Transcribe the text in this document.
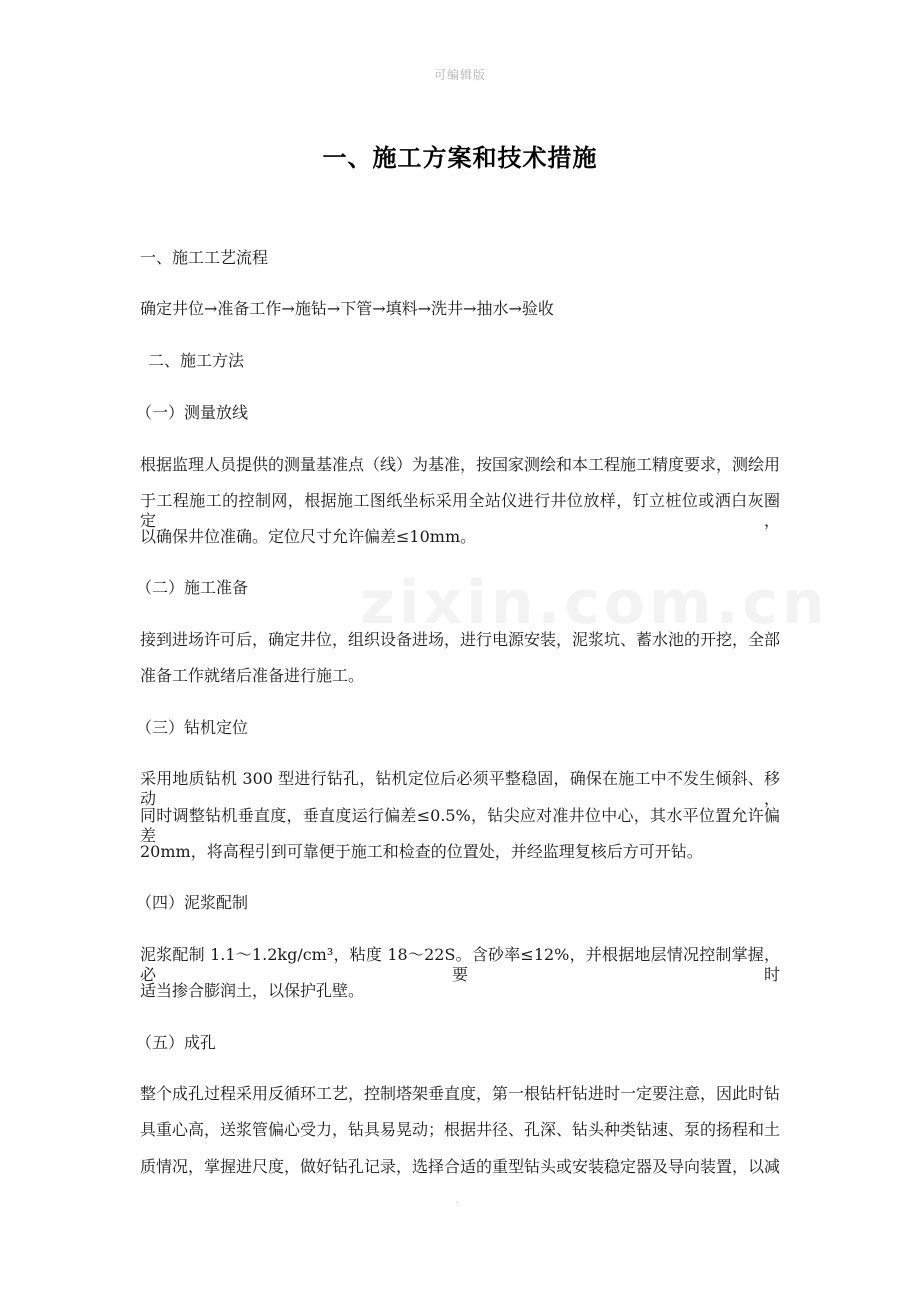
可编辑版
一、施工方案和技术措施
zixin.com.cn
一、施工工艺流程
确定井位→准备工作→施钻→下管→填料→洗井→抽水→验收
二、施工方法
（一）测量放线
根据监理人员提供的测量基准点（线）为基准，按国家测绘和本工程施工精度要求，测绘用
于工程施工的控制网，根据施工图纸坐标采用全站仪进行井位放样，钉立桩位或洒白灰圈定，
以确保井位准确。定位尺寸允许偏差≤10mm。
（二）施工准备
接到进场许可后，确定井位，组织设备进场，进行电源安装，泥浆坑、蓄水池的开挖，全部
准备工作就绪后准备进行施工。
（三）钻机定位
采用地质钻机 300 型进行钻孔，钻机定位后必须平整稳固，确保在施工中不发生倾斜、移动，
同时调整钻机垂直度，垂直度运行偏差≤0.5%，钻尖应对准井位中心，其水平位置允许偏差
20mm，将高程引到可靠便于施工和检查的位置处，并经监理复核后方可开钻。
（四）泥浆配制
泥浆配制 1.1～1.2kg/cm³，粘度 18～22S。含砂率≤12%，并根据地层情况控制掌握，必要时
适当掺合膨润土，以保护孔壁。
（五）成孔
整个成孔过程采用反循环工艺，控制塔架垂直度，第一根钻杆钻进时一定要注意，因此时钻
具重心高，送浆管偏心受力，钻具易晃动；根据井径、孔深、钻头种类钻速、泵的扬程和土
质情况，掌握进尺度，做好钻孔记录，选择合适的重型钻头或安装稳定器及导向装置，以减
.
